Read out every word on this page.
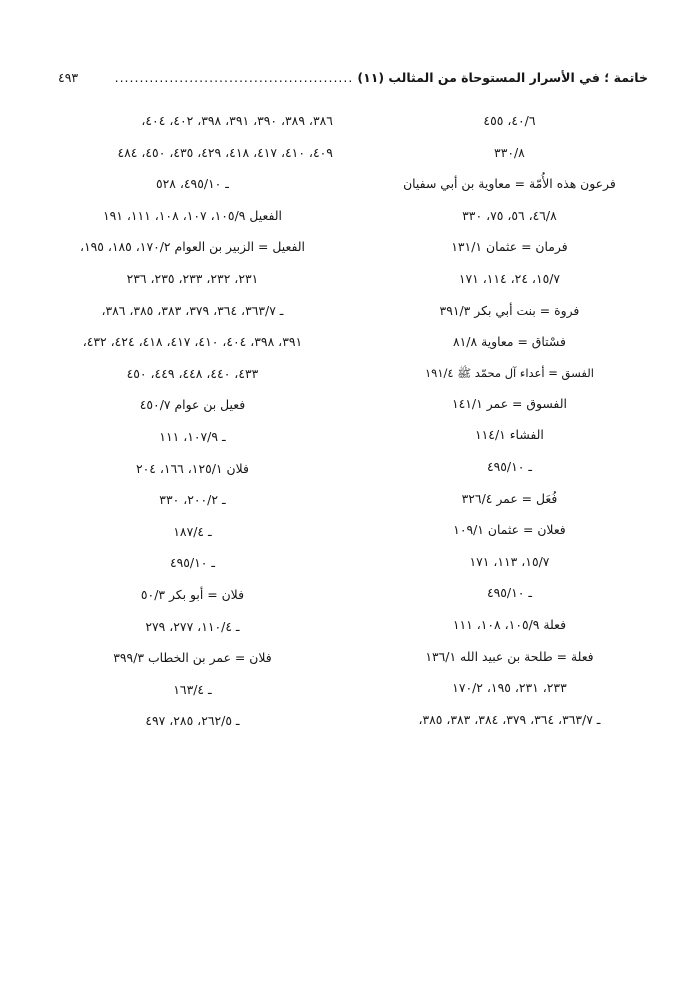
خاتمة ؛ في الأسرار المستوحاة من المثالب (١١)
................................................
٤٩٣
٤٠/٦، ٤٥٥
٣٣٠/٨
فرعون هذه الأُمّة = معاوية بن أبي سفيان
٤٦/٨، ٥٦، ٧٥، ٣٣٠
فرمان = عثمان ١٣١/١
١٥/٧، ٢٤، ١١٤، ١٧١
فروة = بنت أبي بكر ٣٩١/٣
فسْتاق = معاوية ٨١/٨
الفسق = أعداء آل محمّد ﷺ ١٩١/٤
الفسوق = عمر ١٤١/١
الفشاء ١١٤/١
ـ ٤٩٥/١٠
فُعَل = عمر ٣٢٦/٤
فعلان = عثمان ١٠٩/١
١٥/٧، ١١٣، ١٧١
ـ ٤٩٥/١٠
فعلة ١٠٥/٩، ١٠٨، ١١١
فعلة = طلحة بن عبيد الله ١٣٦/١
٢٣٣، ٢٣١، ١٩٥، ١٧٠/٢
ـ ٣٦٣/٧، ٣٦٤، ٣٧٩، ٣٨٤، ٣٨٣، ٣٨٥،
٣٨٦، ٣٨٩، ٣٩٠، ٣٩١، ٣٩٨، ٤٠٢، ٤٠٤،
٤٠٩، ٤١٠، ٤١٧، ٤١٨، ٤٢٩، ٤٣٥، ٤٥٠، ٤٨٤
ـ ٤٩٥/١٠، ٥٢٨
الفعيل ١٠٥/٩، ١٠٧، ١٠٨، ١١١، ١٩١
الفعيل = الزبير بن العوام ١٧٠/٢، ١٨٥، ١٩٥،
٢٣١، ٢٣٢، ٢٣٣، ٢٣٥، ٢٣٦
ـ ٣٦٣/٧، ٣٦٤، ٣٧٩، ٣٨٣، ٣٨٥، ٣٨٦،
٣٩١، ٣٩٨، ٤٠٤، ٤١٠، ٤١٧، ٤١٨، ٤٢٤، ٤٣٢،
٤٣٣، ٤٤٠، ٤٤٨، ٤٤٩، ٤٥٠
فعيل بن عوام ٤٥٠/٧
ـ ١٠٧/٩، ١١١
فلان ١٢٥/١، ١٦٦، ٢٠٤
ـ ٢٠٠/٢، ٣٣٠
ـ ١٨٧/٤
ـ ٤٩٥/١٠
فلان = أبو بكر ٥٠/٣
ـ ١١٠/٤، ٢٧٧، ٢٧٩
فلان = عمر بن الخطاب ٣٩٩/٣
ـ ١٦٣/٤
ـ ٢٦٢/٥، ٢٨٥، ٤٩٧
